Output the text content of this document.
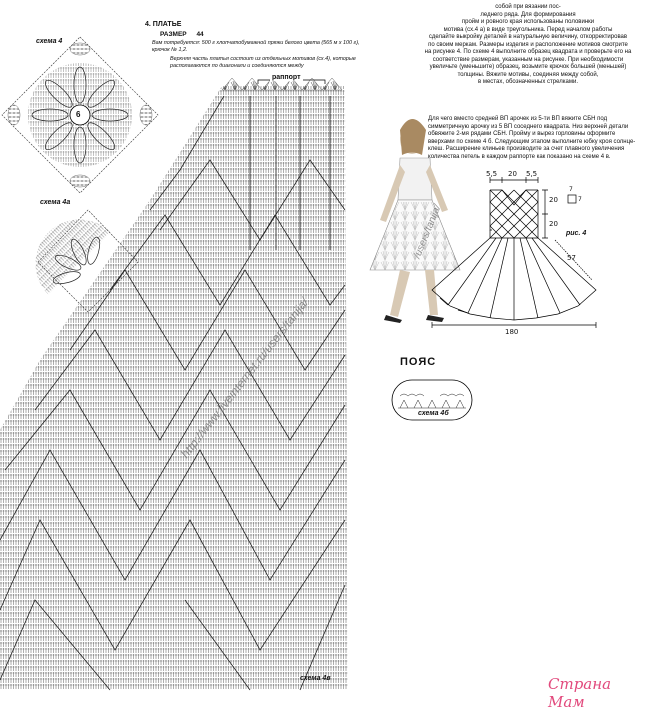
схема 4
4. ПЛАТЬЕ
РАЗМЕР 44
Вам потребуется: 500 г хлопчатобумажной пряжи белого цвета (565 м х 100 г), крючок № 1,2.
Верхняя часть платья состоит из отдельных мотивов (сх.4), которые располагаются по диагонали и соединяются между
раппорт
6
схема 4а
схема 4в
собой при вязании пос-
леднего ряда. Для формирования
пройм и ровного края использованы половинки
мотива (сх.4 а) в виде треугольника. Перед началом работы
сделайте выкройку деталей в натуральную величину, откорректировав
по своим меркам. Размеры изделия и расположение мотивов смотрите
на рисунке 4. По схеме 4 выполните образец квадрата и проверьте его на
соответствие размерам, указанным на рисунке. При необходимости
увеличьте (уменьшите) образец, возьмите крючок большей (меньшей)
толщины. Вяжите мотивы, соединяя между собой,
в местах, обозначенных стрелками.
Для чего вместо средней ВП арочек из 5-ти ВП вяжите СБН под
симметричную арочку из 5 ВП соседнего квадрата. Низ верхней детали
обвяжите 2-мя рядами СБН. Пройму и вырез горловины оформите
вверхами по схеме 4 б. Следующим этапом выполните юбку кроя солнце-
клеш. Расширение клиньев производите за счет плавного увеличения
количества петель в каждом раппорте как показано на схеме 4 в.
5,5 20 5,5
20
20
7
7
рис. 4
57
180
ПОЯС
схема 4б
http://www.liveinternet.ru/users/tanija/
/users/tanija/
Страна Мам
